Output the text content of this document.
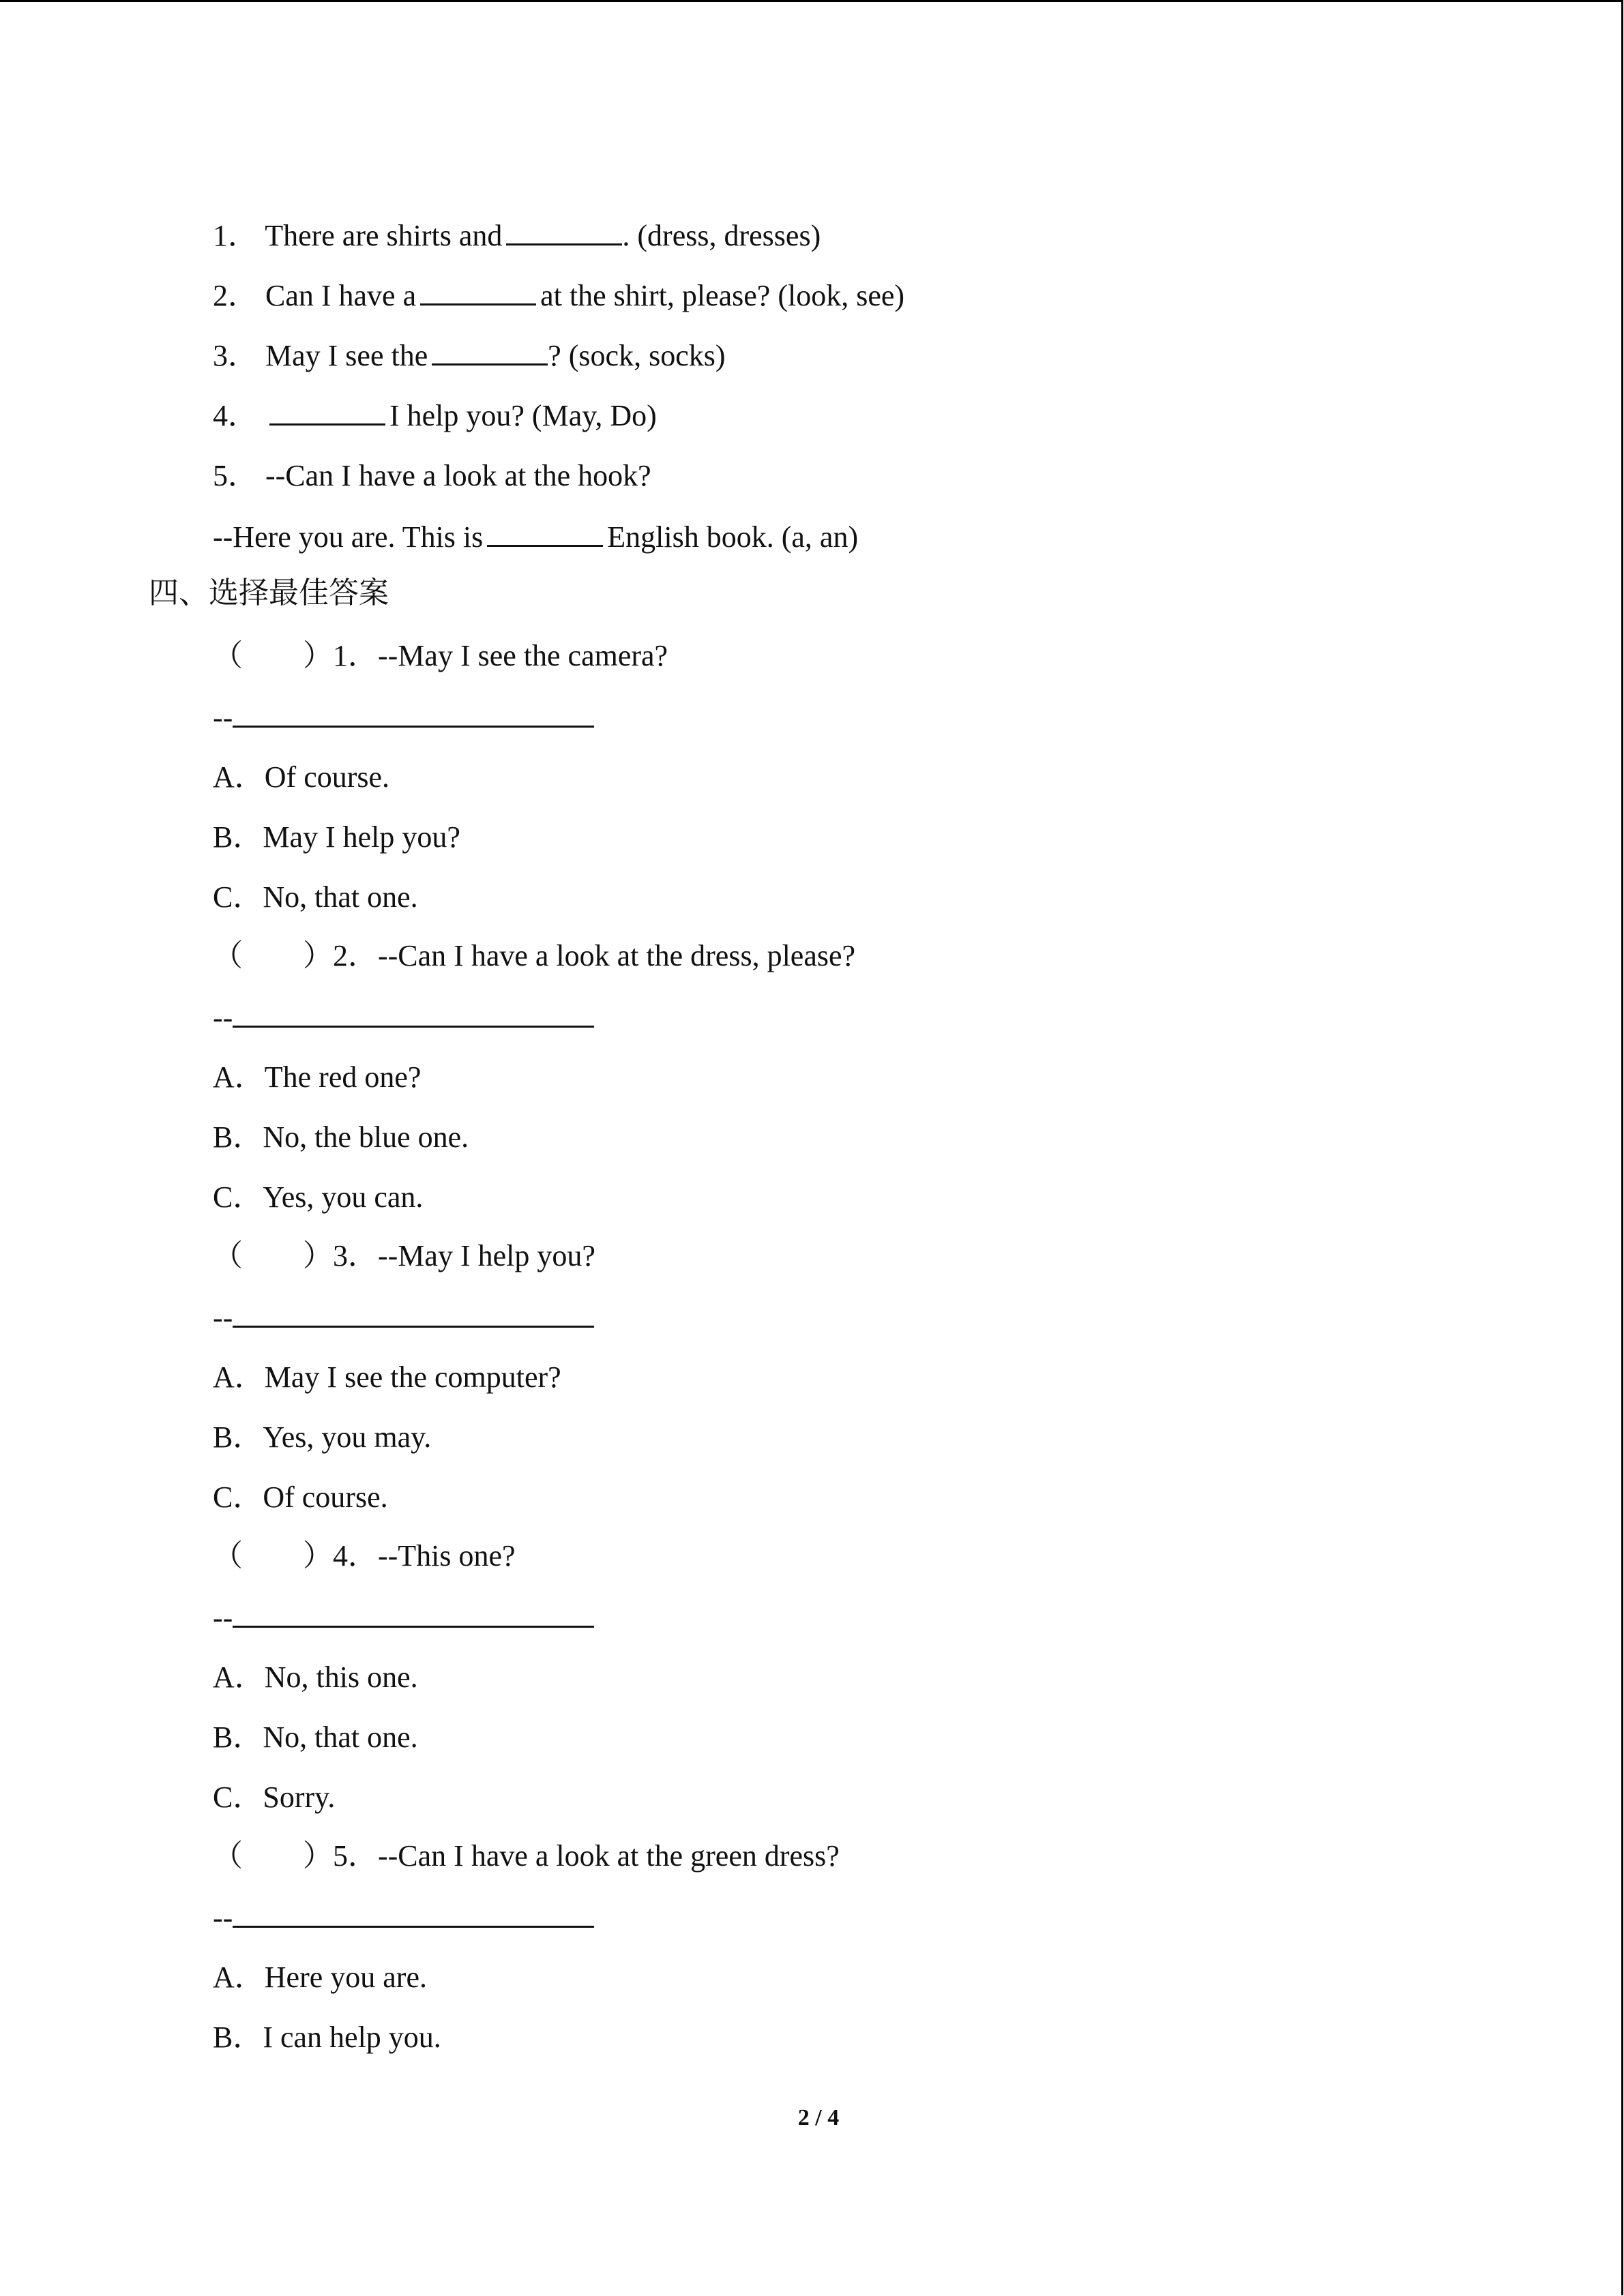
1． There are shirts and	. (dress, dresses)
2． Can I have a	at the shirt, please? (look, see)
3． May I see the	? (sock, socks)
4．	I help you? (May, Do)
5． --Can I have a look at the hook?
--Here you are. This is	English book. (a, an)
四、选择最佳答案
（        ）1．--May I see the camera?
--
A．Of course.
B．May I help you?
C．No, that one.
（        ）2．--Can I have a look at the dress, please?
--
A．The red one?
B．No, the blue one.
C．Yes, you can.
（        ）3．--May I help you?
--
A．May I see the computer?
B．Yes, you may.
C．Of course.
（        ）4．--This one?
--
A．No, this one.
B．No, that one.
C．Sorry.
（        ）5．--Can I have a look at the green dress?
--
A．Here you are.
B．I can help you.
2 / 4
